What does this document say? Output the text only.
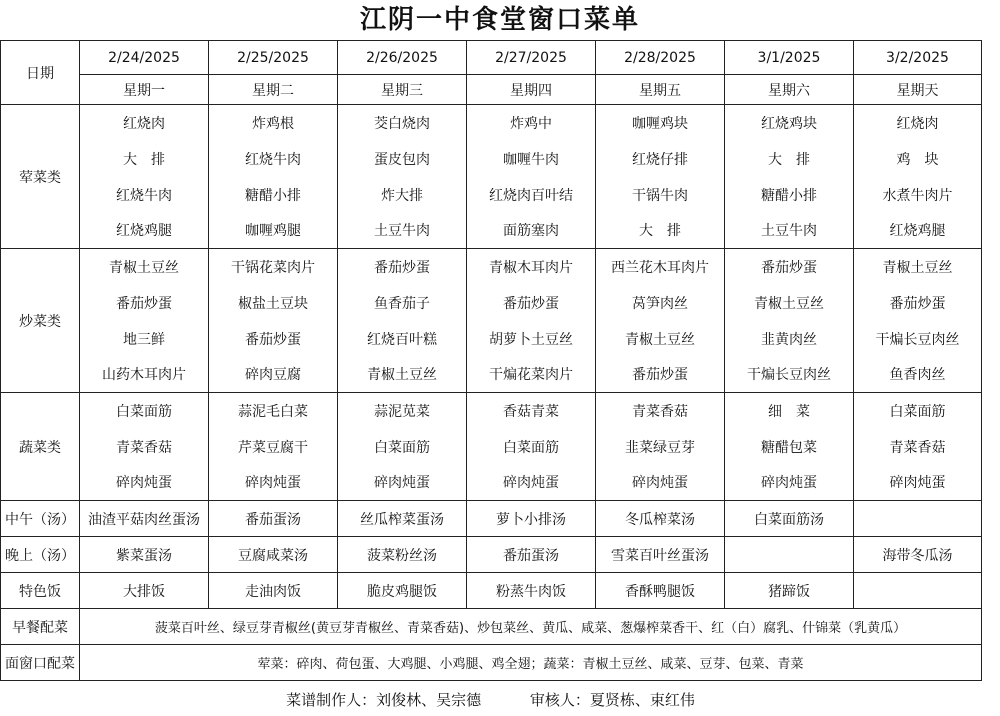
江阴一中食堂窗口菜单
日期	2/24/2025	2/25/2025	2/26/2025	2/27/2025	2/28/2025	3/1/2025	3/2/2025
	星期一	星期二	星期三	星期四	星期五	星期六	星期天
荤菜类	红烧肉	炸鸡根	茭白烧肉	炸鸡中	咖喱鸡块	红烧鸡块	红烧肉
	大　排	红烧牛肉	蛋皮包肉	咖喱牛肉	红烧仔排	大　排	鸡　块
	红烧牛肉	糖醋小排	炸大排	红烧肉百叶结	干锅牛肉	糖醋小排	水煮牛肉片
	红烧鸡腿	咖喱鸡腿	土豆牛肉	面筋塞肉	大　排	土豆牛肉	红烧鸡腿
炒菜类	青椒土豆丝	干锅花菜肉片	番茄炒蛋	青椒木耳肉片	西兰花木耳肉片	番茄炒蛋	青椒土豆丝
	番茄炒蛋	椒盐土豆块	鱼香茄子	番茄炒蛋	莴笋肉丝	青椒土豆丝	番茄炒蛋
	地三鲜	番茄炒蛋	红烧百叶糕	胡萝卜土豆丝	青椒土豆丝	韭黄肉丝	干煸长豆肉丝
	山药木耳肉片	碎肉豆腐	青椒土豆丝	干煸花菜肉片	番茄炒蛋	干煸长豆肉丝	鱼香肉丝
蔬菜类	白菜面筋	蒜泥毛白菜	蒜泥苋菜	香菇青菜	青菜香菇	细　菜	白菜面筋
	青菜香菇	芹菜豆腐干	白菜面筋	白菜面筋	韭菜绿豆芽	糖醋包菜	青菜香菇
	碎肉炖蛋	碎肉炖蛋	碎肉炖蛋	碎肉炖蛋	碎肉炖蛋	碎肉炖蛋	碎肉炖蛋
中午（汤）	油渣平菇肉丝蛋汤	番茄蛋汤	丝瓜榨菜蛋汤	萝卜小排汤	冬瓜榨菜汤	白菜面筋汤	
晚上（汤）	紫菜蛋汤	豆腐咸菜汤	菠菜粉丝汤	番茄蛋汤	雪菜百叶丝蛋汤		海带冬瓜汤
特色饭	大排饭	走油肉饭	脆皮鸡腿饭	粉蒸牛肉饭	香酥鸭腿饭	猪蹄饭	
早餐配菜	菠菜百叶丝、绿豆芽青椒丝(黄豆芽青椒丝、青菜香菇)、炒包菜丝、黄瓜、咸菜、葱爆榨菜香干、红（白）腐乳、什锦菜（乳黄瓜）						
面窗口配菜	荤菜：碎肉、荷包蛋、大鸡腿、小鸡腿、鸡全翅；蔬菜：青椒土豆丝、咸菜、豆芽、包菜、青菜						
菜谱制作人：刘俊林、吴宗德	审核人：夏贤栋、束红伟
